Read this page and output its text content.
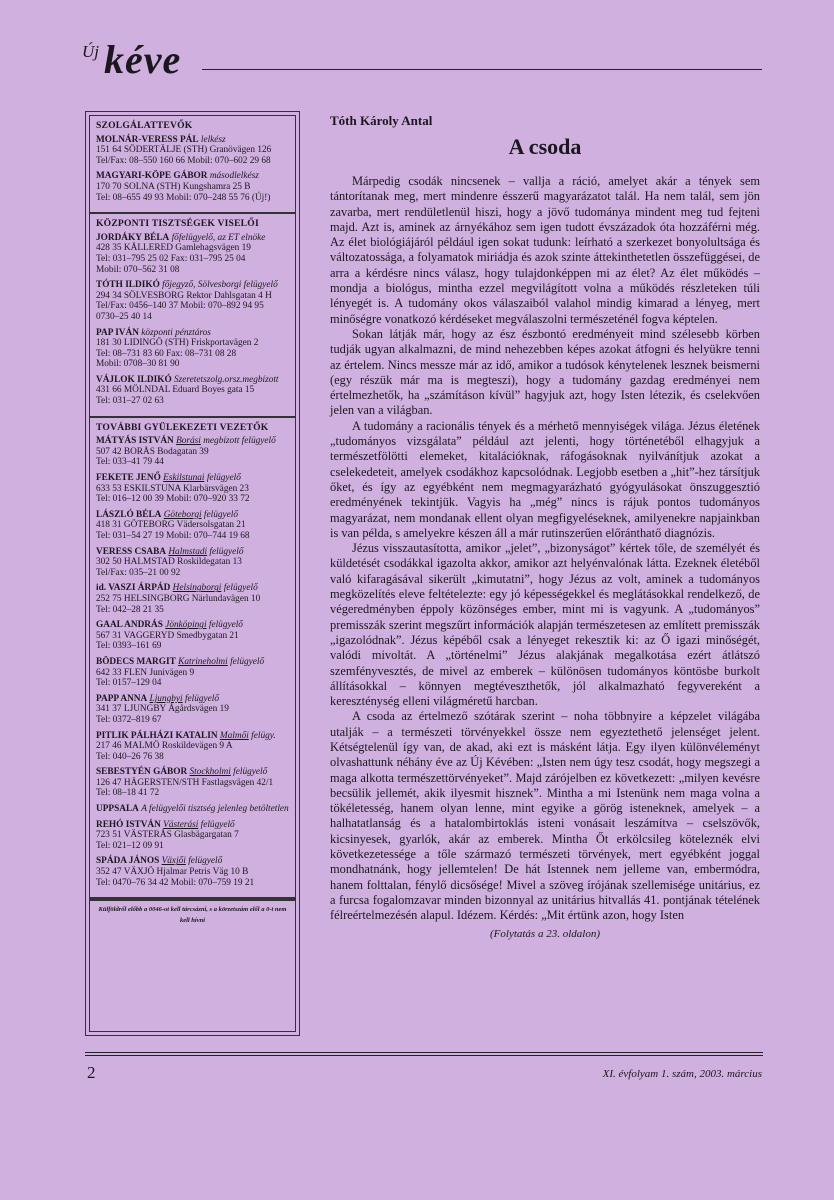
Új kéve
SZOLGÁLATTEVŐK
MOLNÁR-VERESS PÁL lelkész
151 64 SÖDERTÄLJE (STH) Granövägen 126
Tel/Fax: 08–550 160 66 Mobil: 070–602 29 68
MAGYARI-KÖPE GÁBOR másodlelkész
170 70 SOLNA (STH) Kungshamra 25 B
Tel: 08–655 49 93 Mobil: 070–248 55 76 (Új!)
KÖZPONTI TISZTSÉGEK VISELŐI
JORDÁKY BÉLA főfelügyelő, az ET elnöke
428 35 KÅLLERED Gamlehagsvägen 19
Tel: 031–795 25 02 Fax: 031–795 25 04
Mobil: 070–562 31 08
TÓTH ILDIKÓ főjegyző, Sölvesborgi felügyelő
294 34 SÖLVESBORG Rektor Dahlsgatan 4 H
Tel/Fax: 0456–140 37 Mobil: 070–892 94 95
0730–25 40 14
PAP IVÁN központi pénztáros
181 30 LIDINGÖ (STH) Friskportavägen 2
Tel: 08–731 83 60 Fax: 08–731 08 28
Mobil: 0708–30 81 90
VÁJLOK ILDIKÓ Szeretetszolg.orsz.megbízott
431 66 MÖLNDAL Eduard Boyes gata 15
Tel: 031–27 02 63
TOVÁBBI GYÜLEKEZETI VEZETŐK
MÁTYÁS ISTVÁN Borási megbízott felügyelő
507 42 BORÅS Bodagatan 39
Tel: 033–41 79 44
FEKETE JENŐ Eskilstunai felügyelő
633 53 ESKILSTUNA Klarbärsvägen 23
Tel: 016–12 00 39 Mobil: 070–920 33 72
LÁSZLÓ BÉLA Göteborgi felügyelő
418 31 GÖTEBORG Vädersolsgatan 21
Tel: 031–54 27 19 Mobil: 070–744 19 68
VERESS CSABA Halmstadi felügyelő
302 50 HALMSTAD Roskildegatan 13
Tel/Fax: 035–21 00 92
id. VASZI ÁRPÁD Helsingborgi felügyelő
252 75 HELSINGBORG Närlundavägen 10
Tel: 042–28 21 35
GAAL ANDRÁS Jönköpingi felügyelő
567 31 VAGGERYD Smedbygatan 21
Tel: 0393–161 69
BÖDECS MARGIT Katrineholmi felügyelő
642 33 FLEN Junivägen 9
Tel: 0157–129 04
PAPP ANNA Ljungbyi felügyelő
341 37 LJUNGBY Ågårdsvägen 19
Tel: 0372–819 67
PITLIK PÁLHÁZI KATALIN Malmői felügy.
217 46 MALMÖ Roskildevägen 9 A
Tel: 040–26 76 38
SEBESTYÉN GÁBOR Stockholmi felügyelő
126 47 HÄGERSTEN/STH Fastlagsvägen 42/1
Tel: 08–18 41 72
UPPSALA A felügyelői tisztség jelenleg betöltetlen
REHÓ ISTVÁN Västerási felügyelő
723 51 VÄSTERÅS Glasbägargatan 7
Tel: 021–12 09 91
SPÁDA JÁNOS Växjői felügyelő
352 47 VÄXJÖ Hjalmar Petris Väg 10 B
Tel: 0470–76 34 42 Mobil: 070–759 19 21
Külföldről előbb a 0046-ot kell tárcsázni, s a körzetszám elől a 0-t nem kell hívni
Tóth Károly Antal
A csoda

Márpedig csodák nincsenek – vallja a ráció, amelyet akár a tények sem tántorítanak meg, mert mindenre ésszerű magyarázatot talál. Ha nem talál, sem jön zavarba, mert rendületlenül hiszi, hogy a jövő tudománya mindent meg tud fejteni majd. Azt is, aminek az árnyékához sem igen tudott évszázadok óta hozzáférni még. Az élet biológiájáról például igen sokat tudunk: leírható a szerkezet bonyolultsága és változatossága, a folyamatok miriádja és azok szinte áttekinthetetlen összefüggései, de arra a kérdésre nincs válasz, hogy tulajdonképpen mi az élet? Az élet működés – mondja a biológus, mintha ezzel megvilágított volna a működés részleteken túli lényegét is. A tudomány okos válaszaiból valahol mindig kimarad a lényeg, mert minőségre vonatkozó kérdéseket megválaszolni természeténél fogva képtelen.

Sokan látják már, hogy az ész észbontó eredményeit mind szélesebb körben tudják ugyan alkalmazni, de mind nehezebben képes azokat átfogni és helyükre tenni az értelem. Nincs messze már az idő, amikor a tudósok kénytelenek lesznek beismerni (egy részük már ma is megteszi), hogy a tudomány gazdag eredményei nem értelmezhetők, ha „számításon kívül” hagyjuk azt, hogy Isten létezik, és cselekvően jelen van a világban.

A tudomány a racionális tények és a mérhető mennyiségek világa. Jézus életének „tudományos vizsgálata” például azt jelenti, hogy történetéből elhagyjuk a természetfölötti elemeket, kitalációknak, ráfogásoknak nyilvánítjuk azokat a cselekedeteit, amelyek csodákhoz kapcsolódnak. Legjobb esetben a „hit”-hez társítjuk őket, és így az egyébként nem megmagyarázható gyógyulásokat önszuggesztió eredményének tekintjük. Vagyis ha „még” nincs is rájuk pontos tudományos magyarázat, nem mondanak ellent olyan megfigyeléseknek, amilyenekre napjainkban is van példa, s amelyekre készen áll a már rutinszerűen előránthatő diagnózis.

Jézus visszautasította, amikor „jelet”, „bizonyságot” kértek tőle, de személyét és küldetését csodákkal igazolta akkor, amikor azt helyénvalónak látta. Ezeknek életéből való kifaragásával sikerült „kimutatni”, hogy Jézus az volt, aminek a tudományos megközelítés eleve feltételezte: egy jó képességekkel és meglátásokkal rendelkező, de végeredményben éppoly közönséges ember, mint mi is vagyunk. A „tudományos” premisszák szerint megszűrt információk alapján természetesen az említett premisszák „igazolódnak”. Jézus képéből csak a lényeget rekesztik ki: az Ő igazi minőségét, valódi mivoltát. A „történelmi” Jézus alakjának megalkotása ezért átlátszó szemfényvesztés, de mivel az emberek – különösen tudományos köntösbe burkolt állításokkal – könnyen megtéveszthetők, jól alkalmazható fegyvereként a kereszténység elleni világméretű harcban.

A csoda az értelmező szótárak szerint – noha többnyire a képzelet világába utalják – a természeti törvényekkel össze nem egyeztethető jelenséget jelent. Kétségtelenül így van, de akad, aki ezt is másként látja. Egy ilyen különvéleményt olvashattunk néhány éve az Új Kévében: „Isten nem úgy tesz csodát, hogy megszegi a maga alkotta természettörvényeket”. Majd zárójelben ez következett: „milyen kevésre becsülik jellemét, akik ilyesmit hisznek”. Mintha a mi Istenünk nem maga volna a tökéletesség, hanem olyan lenne, mint egyike a görög isteneknek, amelyek – a halhatatlanság és a hatalombirtoklás isteni vonásait leszámítva – cselszövők, kicsinyesek, gyarlók, akár az emberek. Mintha Őt erkölcsileg köteleznék elvi következetessége a tőle származó természeti törvények, mert egyébként joggal mondhatnánk, hogy jellemtelen! De hát Istennek nem jelleme van, embermódra, hanem folttalan, fénylő dicsősége! Mivel a szöveg írójának szellemisége unitárius, ez a furcsa fogalomzavar minden bizonnyal az unitárius hitvallás 41. pontjának tételének félreértelmezésén alapul. Idézem. Kérdés: „Mit értünk azon, hogy Isten

(Folytatás a 23. oldalon)
2	XI. évfolyam 1. szám, 2003. március
